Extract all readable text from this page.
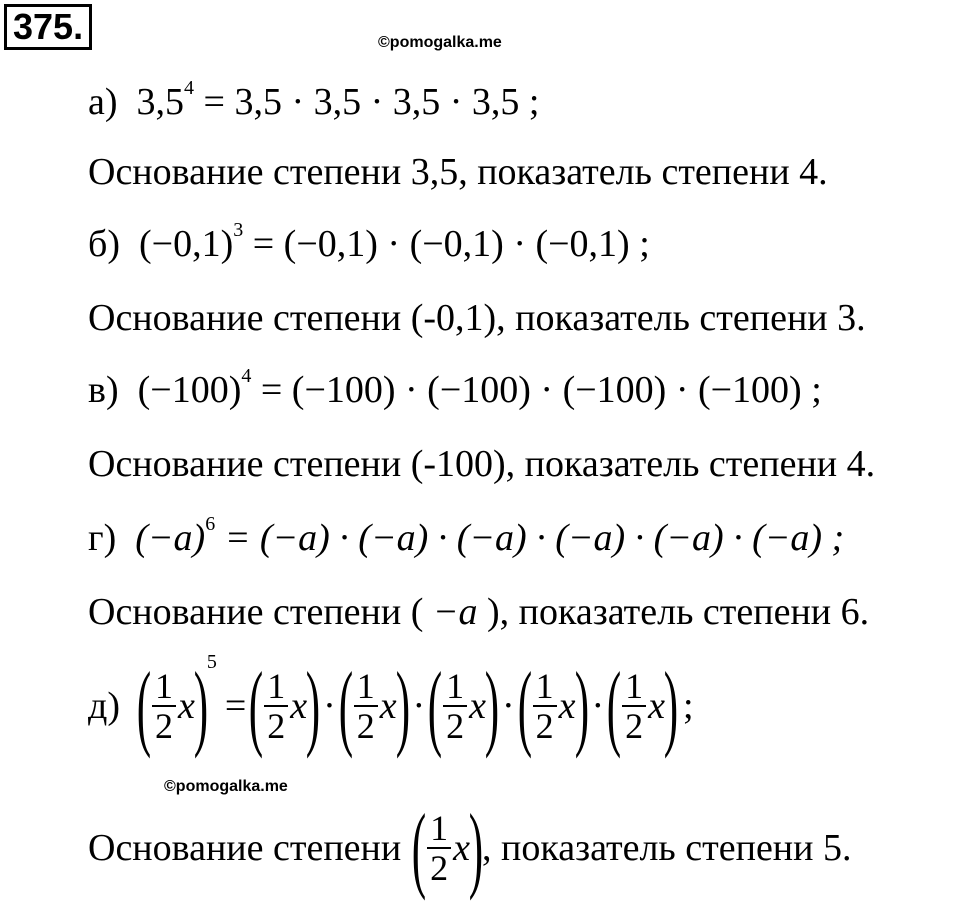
375.	©pomogalka.me
а) $3,5^4 = 3,5 \cdot 3,5 \cdot 3,5 \cdot 3,5$ ;
Основание степени 3,5, показатель степени 4.
б) $(-0,1)^3 = (-0,1) \cdot (-0,1) \cdot (-0,1)$ ;
Основание степени (-0,1), показатель степени 3.
в) $(-100)^4 = (-100) \cdot (-100) \cdot (-100) \cdot (-100)$ ;
Основание степени (-100), показатель степени 4.
г) $(-a)^6 = (-a) \cdot (-a) \cdot (-a) \cdot (-a) \cdot (-a) \cdot (-a)$ ;
Основание степени ( −a ), показатель степени 6.
д) ( $\frac{1}{2}$ x
)
5
= ( $\frac{1}{2}$ x
) · ( $\frac{1}{2}$ x
) · ( $\frac{1}{2}$ x
) · ( $\frac{1}{2}$ x
) · ( $\frac{1}{2}$ x
) ;
©pomogalka.me
Основание степени ( $\frac{1}{2}$ x
)
, показатель степени 5.
